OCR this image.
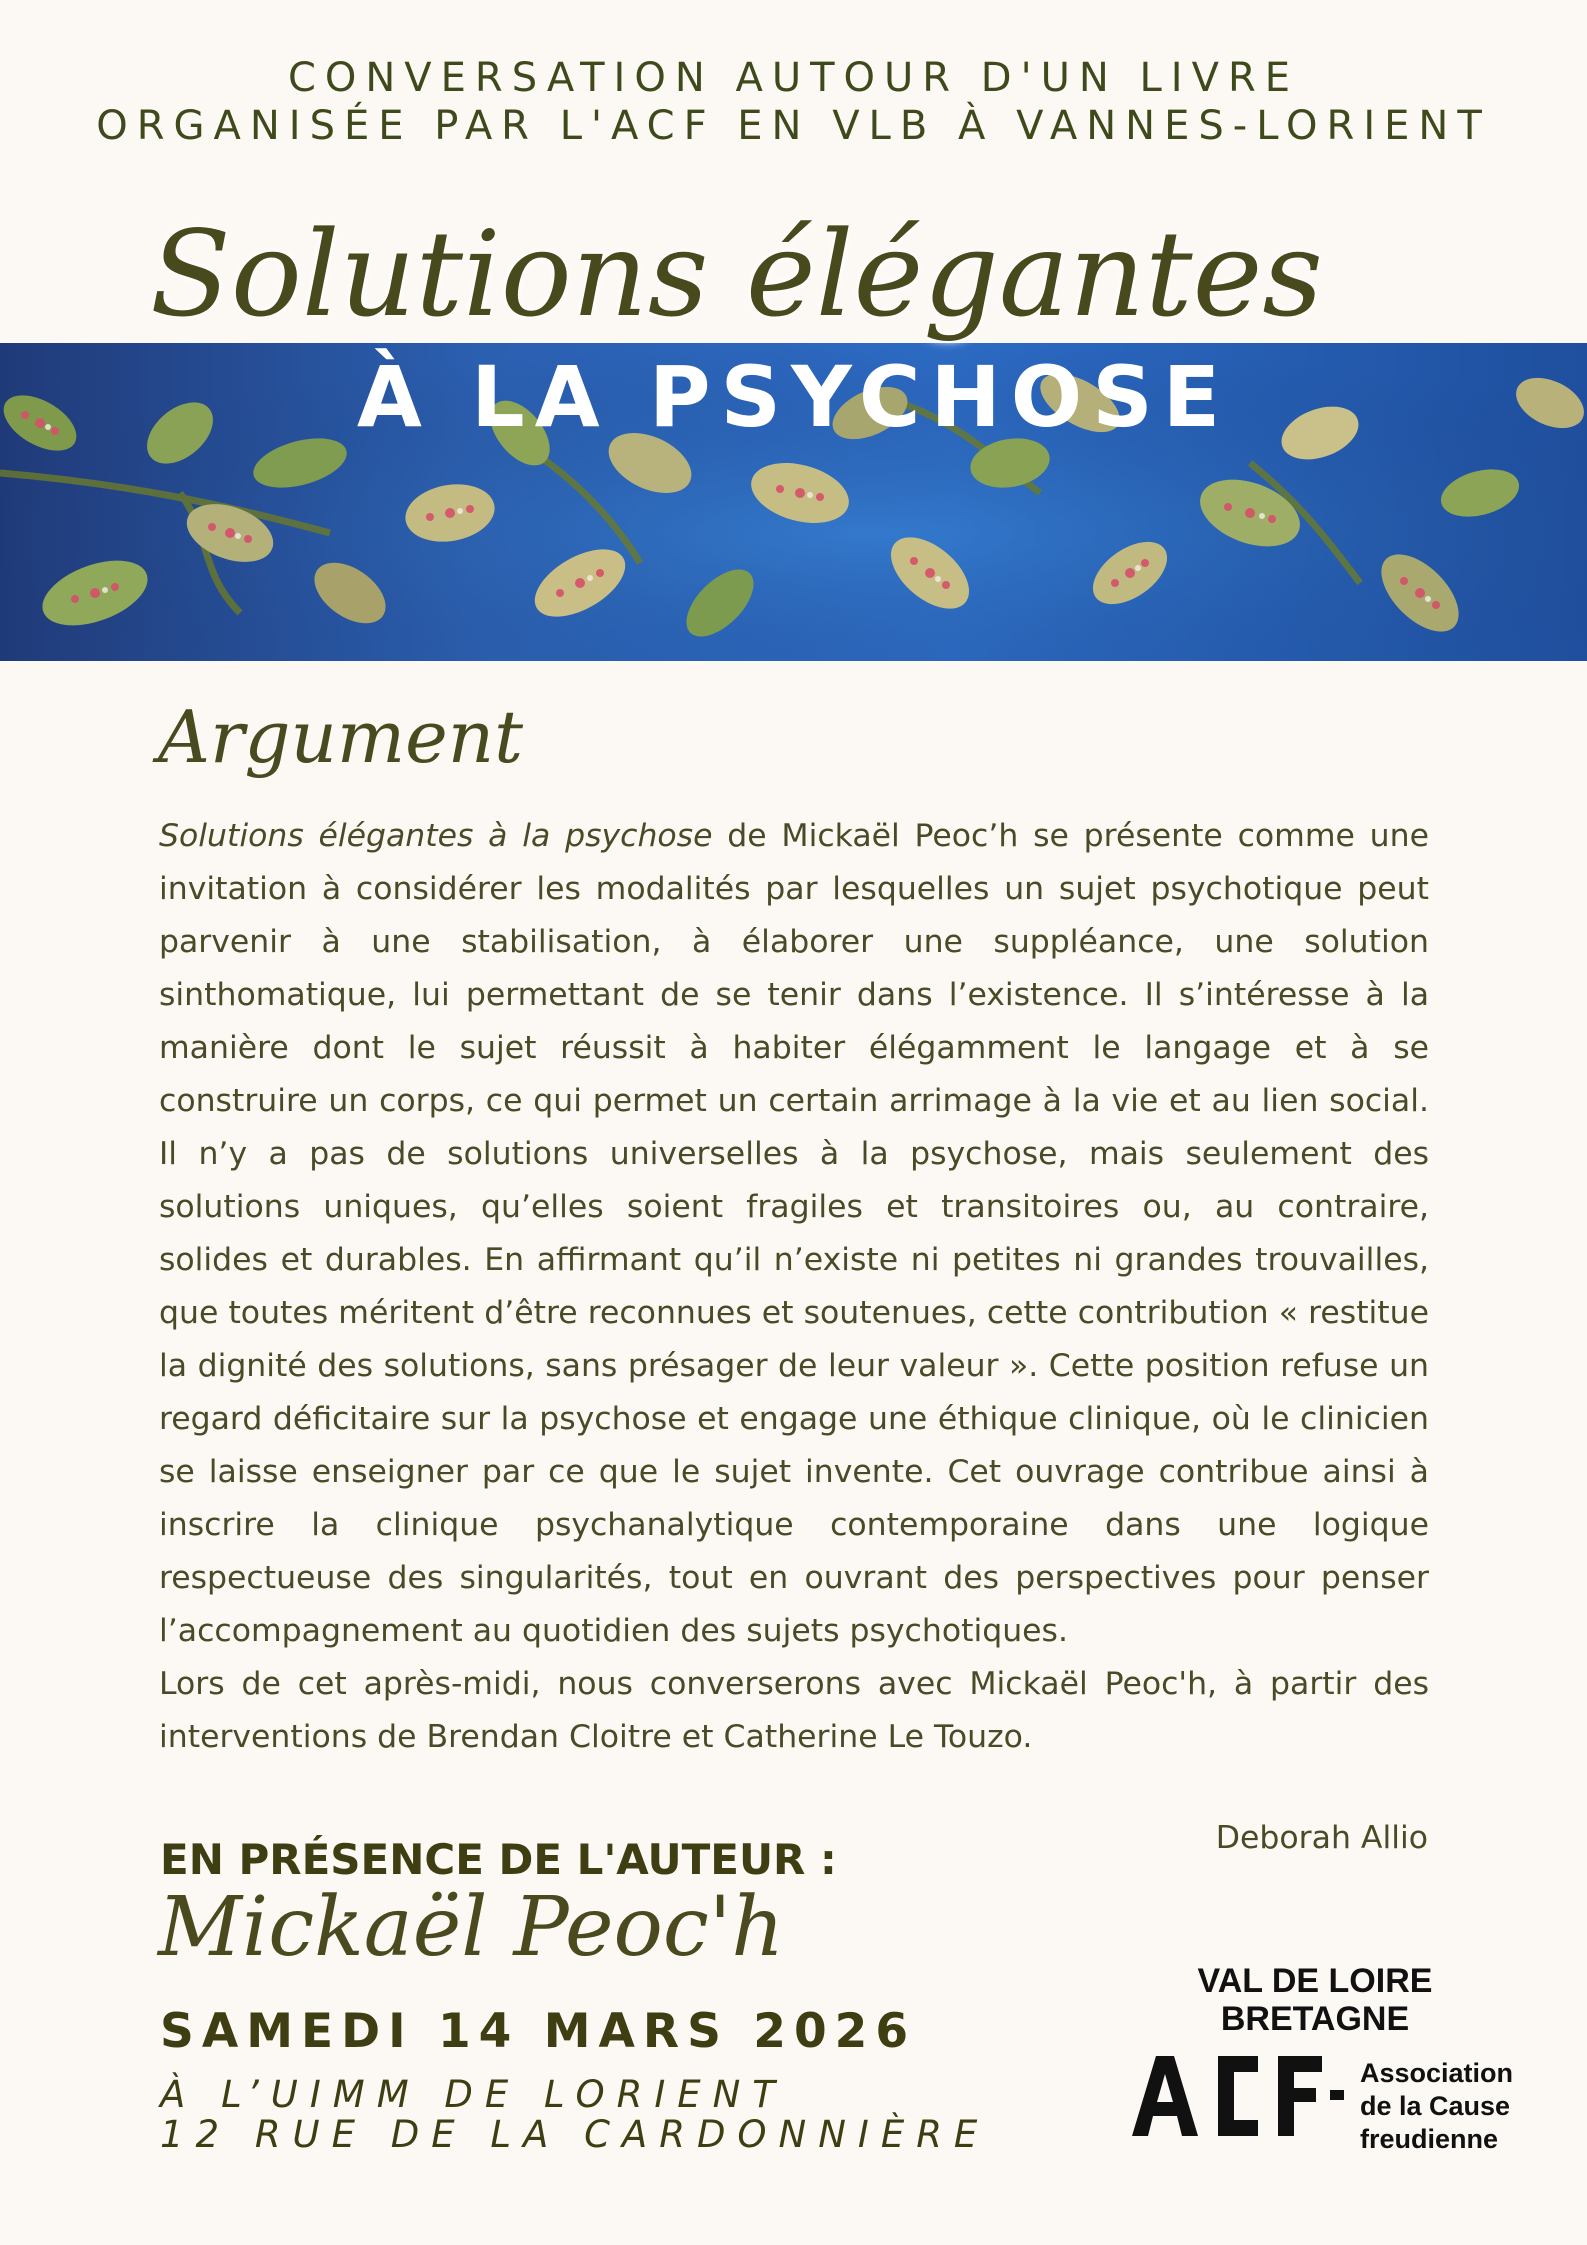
CONVERSATION AUTOUR D'UN LIVRE
ORGANISÉE PAR L'ACF EN VLB À VANNES-LORIENT
Solutions élégantes
À LA PSYCHOSE
Argument

Solutions élégantes à la psychose de Mickaël Peoc’h se présente comme une invitation à considérer les modalités par lesquelles un sujet psychotique peut parvenir à une stabilisation, à élaborer une suppléance, une solution sinthomatique, lui permettant de se tenir dans l’existence. Il s’intéresse à la manière dont le sujet réussit à habiter élégamment le langage et à se construire un corps, ce qui permet un certain arrimage à la vie et au lien social. Il n’y a pas de solutions universelles à la psychose, mais seulement des solutions uniques, qu’elles soient fragiles et transitoires ou, au contraire, solides et durables. En affirmant qu’il n’existe ni petites ni grandes trouvailles, que toutes méritent d’être reconnues et soutenues, cette contribution « restitue la dignité des solutions, sans présager de leur valeur ». Cette position refuse un regard déficitaire sur la psychose et engage une éthique clinique, où le clinicien se laisse enseigner par ce que le sujet invente. Cet ouvrage contribue ainsi à inscrire la clinique psychanalytique contemporaine dans une logique respectueuse des singularités, tout en ouvrant des perspectives pour penser l’accompagnement au quotidien des sujets psychotiques.

Lors de cet après-midi, nous converserons avec Mickaël Peoc'h, à partir des interventions de Brendan Cloitre et Catherine Le Touzo.

Deborah Allio
EN PRÉSENCE DE L'AUTEUR :
Mickaël Peoc'h
SAMEDI 14 MARS 2026
À L’UIMM DE LORIENT
12 RUE DE LA CARDONNIÈRE
VAL DE LOIRE
BRETAGNE
Association
de la Cause
freudienne
